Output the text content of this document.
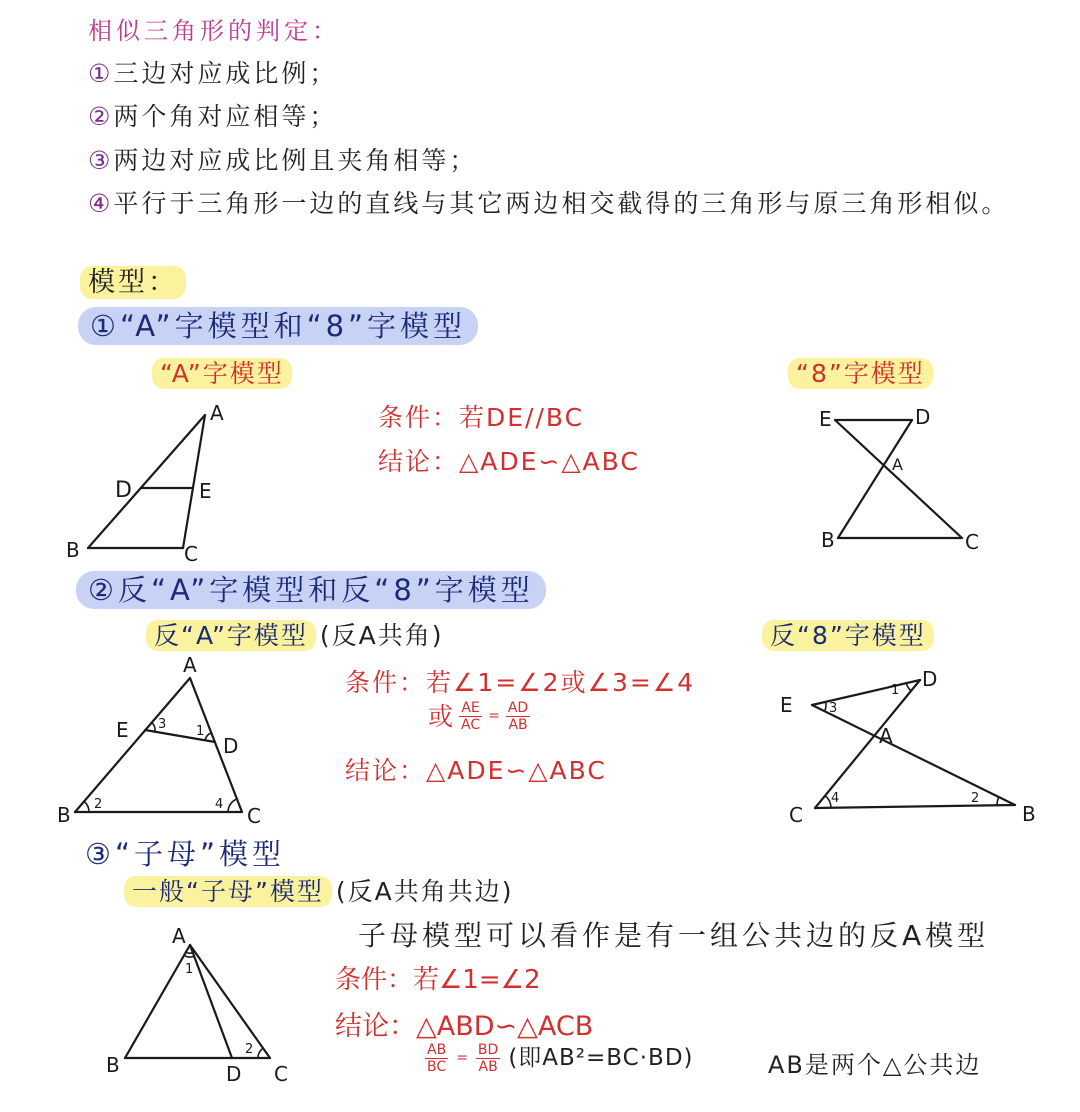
A
B	C
D	E
E	D
A
B	C
A
E
D
B	C
3 1
2	4
E
D
A
C	B
3
1
4	2
A
B	D C
1
2
相似三角形的判定：
①三边对应成比例；
②两个角对应相等；
③两边对应成比例且夹角相等；
④平行于三角形一边的直线与其它两边相交截得的三角形与原三角形相似。
模型：
①“A”字模型和“8”字模型
“A”字模型	“8”字模型
条件：若DE//BC
结论：△ADE∽△ABC
②反“A”字模型和反“8”字模型
反“A”字模型 (反A共角)	反“8”字模型
条件：若∠1=∠2或∠3=∠4
或 $\frac{AE}{AC} = \frac{AD}{AB}$
结论：△ADE∽△ABC
③“子母”模型
一般“子母”模型 (反A共角共边)
子母模型可以看作是有一组公共边的反A模型
条件：若∠1=∠2
结论：△ABD∽△ACB
$\frac{AB}{BC} = \frac{BD}{AB}$ (即AB²=BC·BD)	AB是两个△公共边
